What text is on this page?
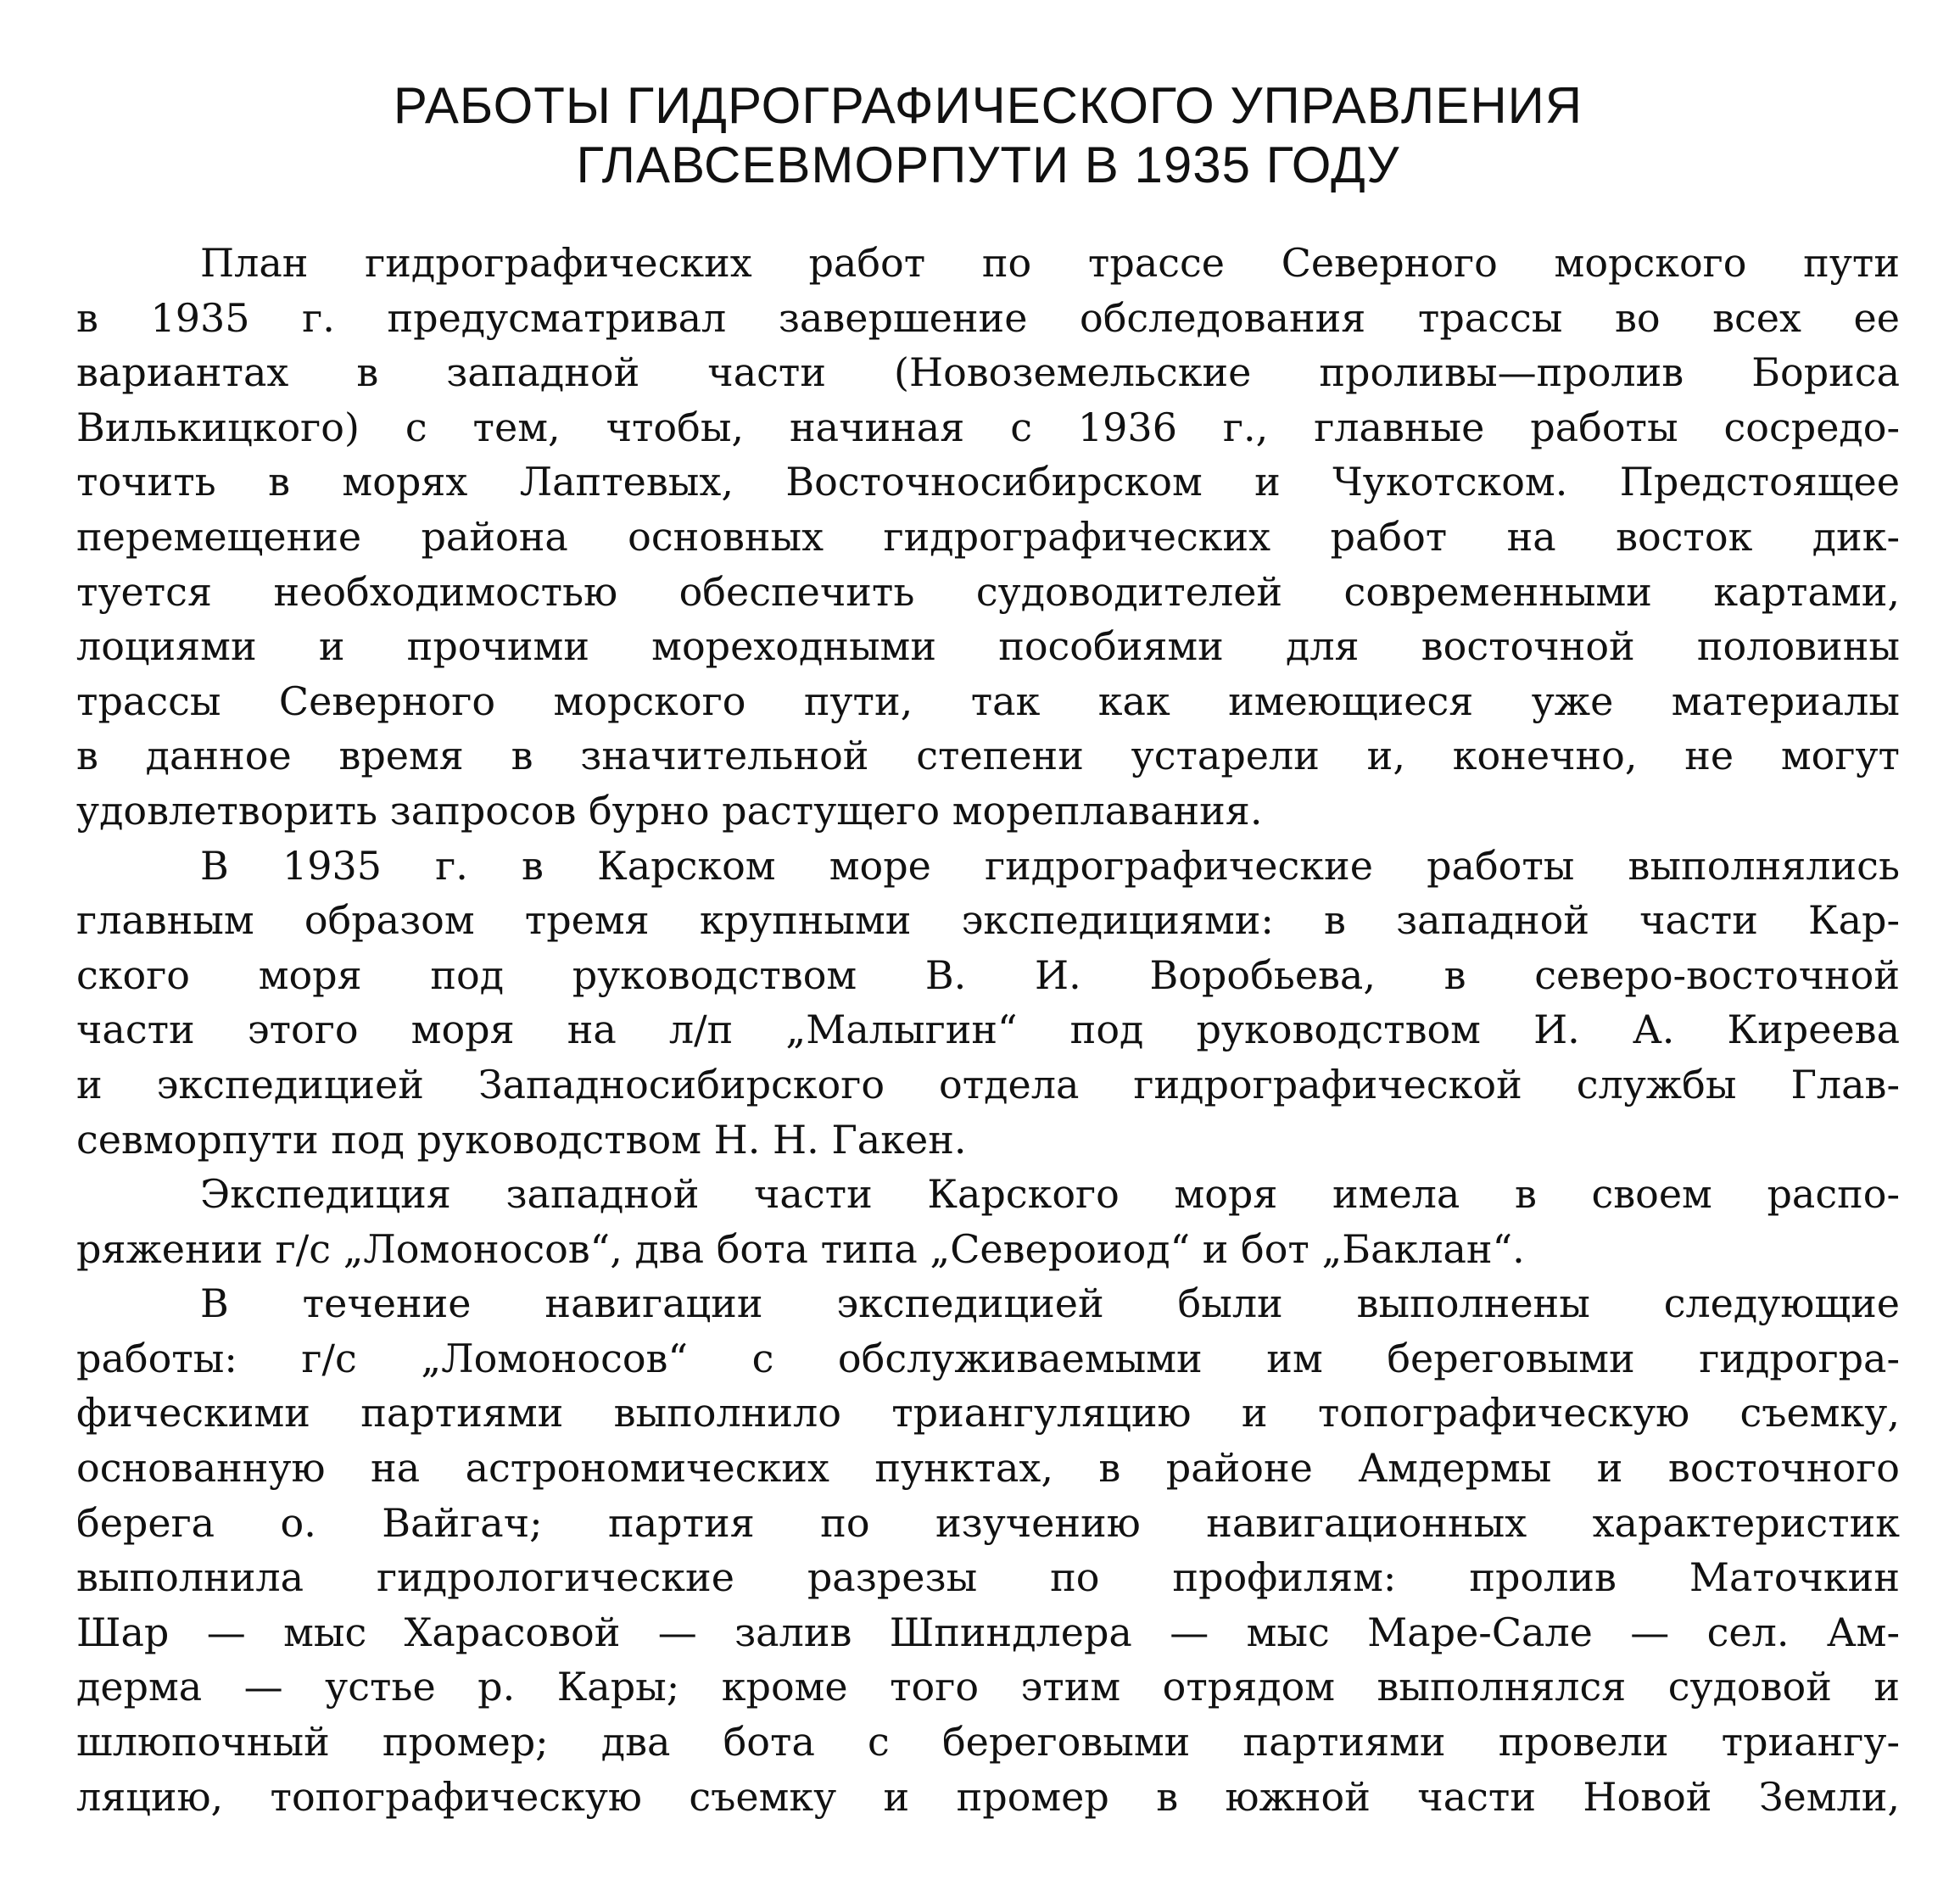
РАБОТЫ ГИДРОГРАФИЧЕСКОГО УПРАВЛЕНИЯ
ГЛАВСЕВМОРПУТИ В 1935 ГОДУ
План гидрографических работ по трассе Северного морского пути
в 1935 г. предусматривал завершение обследования трассы во всех ее
вариантах в западной части (Новоземельские проливы—пролив Бориса
Вилькицкого) с тем, чтобы, начиная с 1936 г., главные работы сосредо-
точить в морях Лаптевых, Восточносибирском и Чукотском. Предстоящее
перемещение района основных гидрографических работ на восток дик-
туется необходимостью обеспечить судоводителей современными картами,
лоциями и прочими мореходными пособиями для восточной половины
трассы Северного морского пути, так как имеющиеся уже материалы
в данное время в значительной степени устарели и, конечно, не могут
удовлетворить запросов бурно растущего мореплавания.
В 1935 г. в Карском море гидрографические работы выполнялись
главным образом тремя крупными экспедициями: в западной части Кар-
ского моря под руководством В. И. Воробьева, в северо-восточной
части этого моря на л/п „Малыгин“ под руководством И. А. Киреева
и экспедицией Западносибирского отдела гидрографической службы Глав-
севморпути под руководством Н. Н. Гакен.
Экспедиция западной части Карского моря имела в своем распо-
ряжении г/с „Ломоносов“, два бота типа „Североиод“ и бот „Баклан“.
В течение навигации экспедицией были выполнены следующие
работы: г/с „Ломоносов“ с обслуживаемыми им береговыми гидрогра-
фическими партиями выполнило триангуляцию и топографическую съемку,
основанную на астрономических пунктах, в районе Амдермы и восточного
берега о. Вайгач; партия по изучению навигационных характеристик
выполнила гидрологические разрезы по профилям: пролив Маточкин
Шар — мыс Харасовой — залив Шпиндлера — мыс Маре-Сале — сел. Ам-
дерма — устье р. Кары; кроме того этим отрядом выполнялся судовой и
шлюпочный промер; два бота с береговыми партиями провели триангу-
ляцию, топографическую съемку и промер в южной части Новой Земли,
